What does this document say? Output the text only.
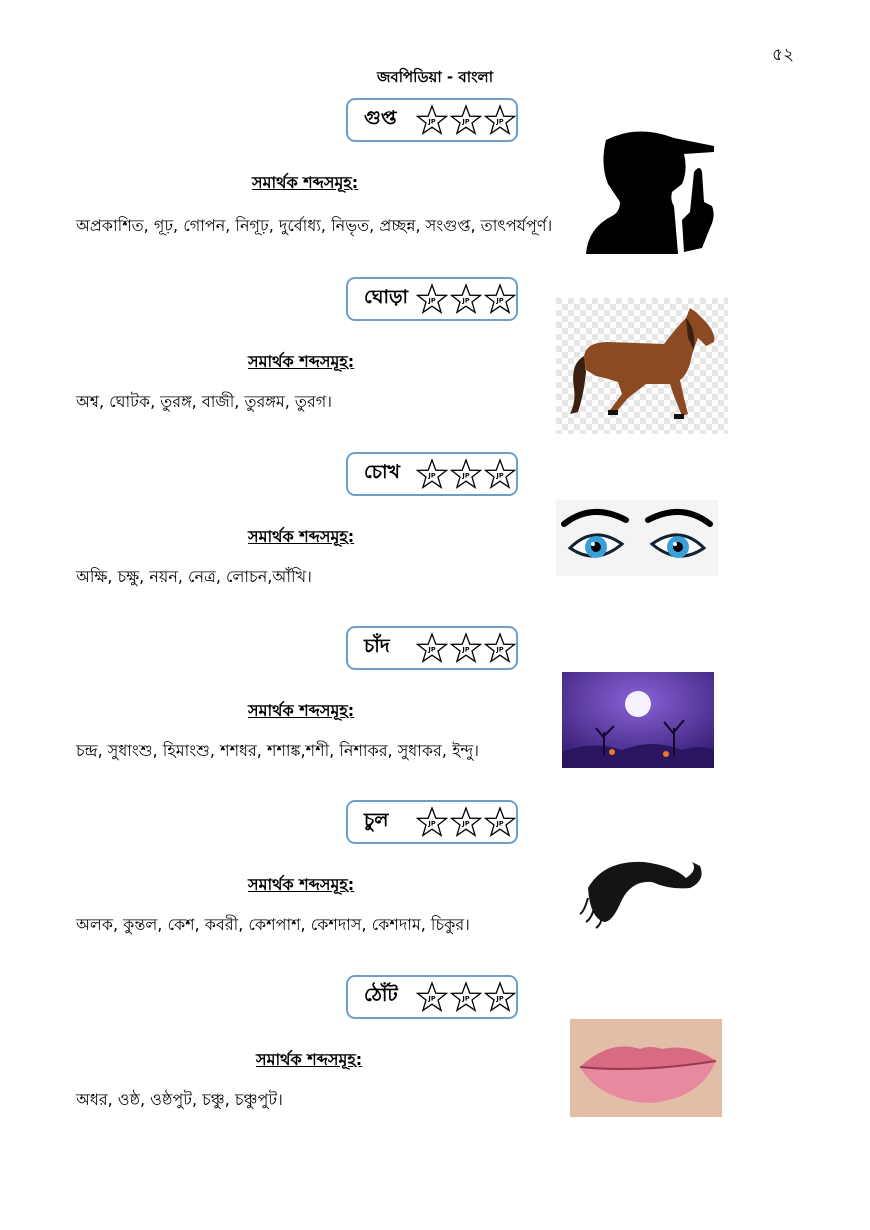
৫২
জবপিডিয়া - বাংলা
গুপ্ত	JP	JP	JP
সমার্থক শব্দসমূহ:
অপ্রকাশিত, গূঢ়, গোপন, নিগূঢ়, দুর্বোধ্য, নিভৃত, প্রচ্ছন্ন, সংগুপ্ত, তাৎপর্যপূর্ণ।
ঘোড়া	JP	JP	JP
সমার্থক শব্দসমূহ:
অশ্ব, ঘোটক, তুরঙ্গ, বাজী, তুরঙ্গম, তুরগ।
চোখ	JP	JP	JP
সমার্থক শব্দসমূহ:
অক্ষি, চক্ষু, নয়ন, নেত্র, লোচন,আঁখি।
চাঁদ	JP	JP	JP
সমার্থক শব্দসমূহ:
চন্দ্র, সুধাংশু, হিমাংশু, শশধর, শশাঙ্ক,শশী, নিশাকর, সুধাকর, ইন্দু।
চুল	JP	JP	JP
সমার্থক শব্দসমূহ:
অলক, কুন্তল, কেশ, কবরী, কেশপাশ, কেশদাস, কেশদাম, চিকুর।
ঠোঁট	JP	JP	JP
সমার্থক শব্দসমূহ:
অধর, ওষ্ঠ, ওষ্ঠপুট, চঞ্চু, চঞ্চুপুট।
